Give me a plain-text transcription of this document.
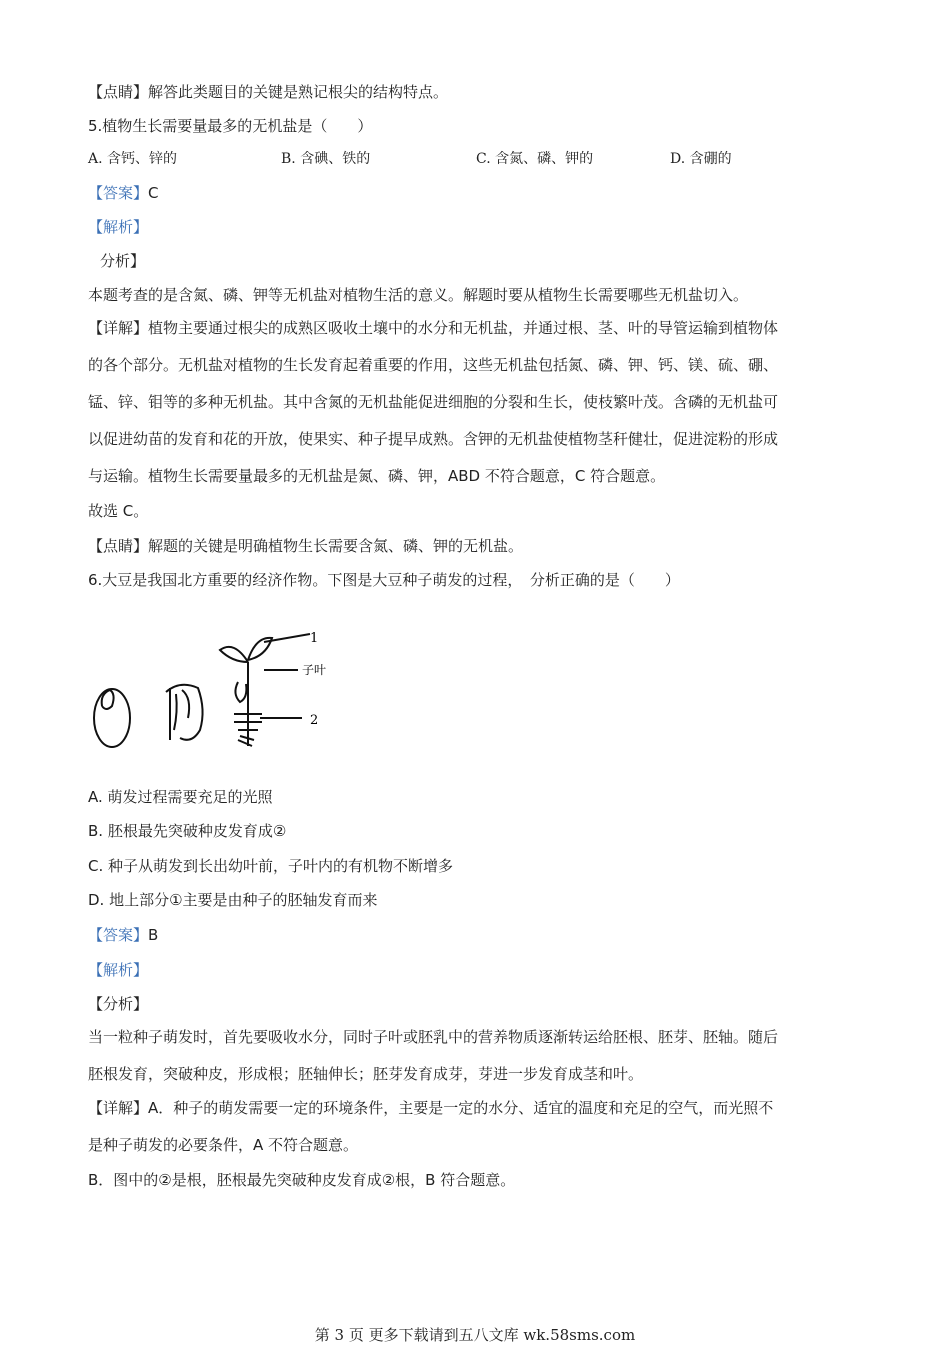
【点睛】解答此类题目的关键是熟记根尖的结构特点。
5.植物生长需要量最多的无机盐是（　　）
A. 含钙、锌的	B. 含碘、铁的	C. 含氮、磷、钾的	D. 含硼的
【答案】C
【解析】
分析】
本题考查的是含氮、磷、钾等无机盐对植物生活的意义。解题时要从植物生长需要哪些无机盐切入。
【详解】植物主要通过根尖的成熟区吸收土壤中的水分和无机盐，并通过根、茎、叶的导管运输到植物体
的各个部分。无机盐对植物的生长发育起着重要的作用，这些无机盐包括氮、磷、钾、钙、镁、硫、硼、
锰、锌、钼等的多种无机盐。其中含氮的无机盐能促进细胞的分裂和生长，使枝繁叶茂。含磷的无机盐可
以促进幼苗的发育和花的开放，使果实、种子提早成熟。含钾的无机盐使植物茎秆健壮，促进淀粉的形成
与运输。植物生长需要量最多的无机盐是氮、磷、钾，ABD 不符合题意，C 符合题意。
故选 C。
【点睛】解题的关键是明确植物生长需要含氮、磷、钾的无机盐。
6.大豆是我国北方重要的经济作物。下图是大豆种子萌发的过程，　分析正确的是（　　）
1
子叶
2
A. 萌发过程需要充足的光照
B. 胚根最先突破种皮发育成②
C. 种子从萌发到长出幼叶前，子叶内的有机物不断增多
D. 地上部分①主要是由种子的胚轴发育而来
【答案】B
【解析】
【分析】
当一粒种子萌发时，首先要吸收水分，同时子叶或胚乳中的营养物质逐渐转运给胚根、胚芽、胚轴。随后
胚根发育，突破种皮，形成根；胚轴伸长；胚芽发育成芽，芽进一步发育成茎和叶。
【详解】A．种子的萌发需要一定的环境条件，主要是一定的水分、适宜的温度和充足的空气，而光照不
是种子萌发的必要条件，A 不符合题意。
B．图中的②是根，胚根最先突破种皮发育成②根，B 符合题意。
第 3 页 更多下载请到五八文库 wk.58sms.com
